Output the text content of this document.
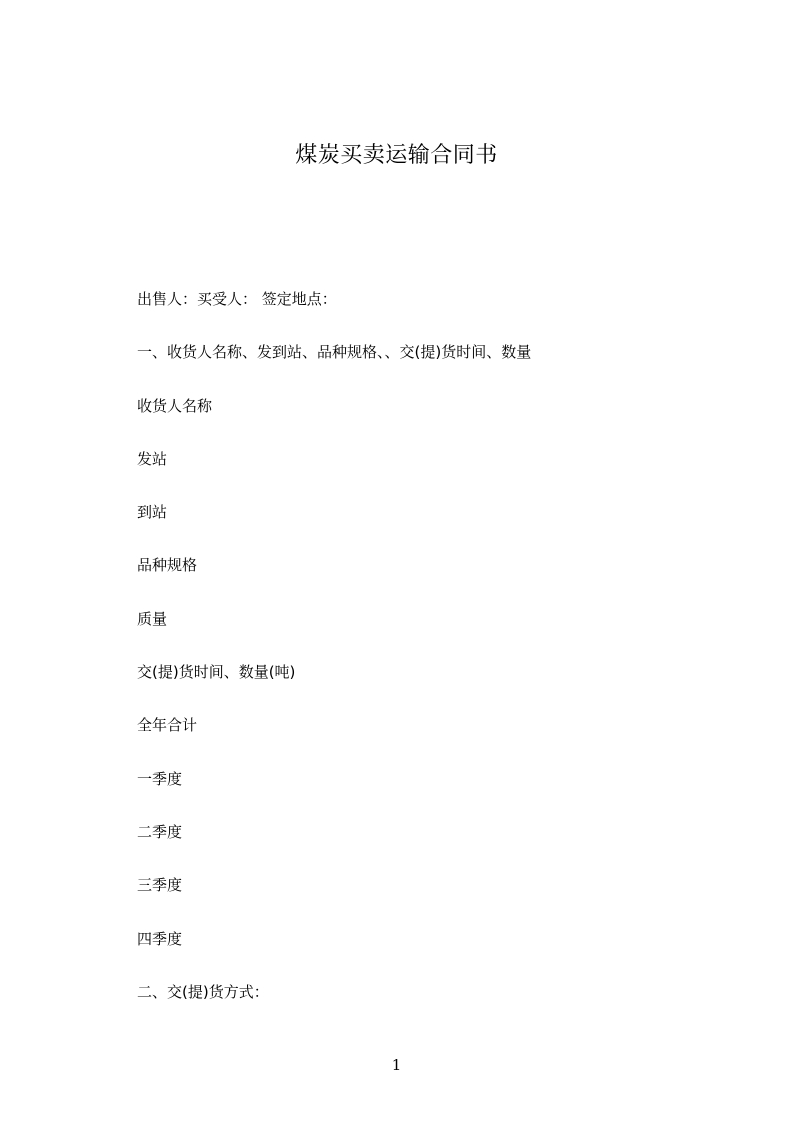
煤炭买卖运输合同书
出售人：买受人： 签定地点：
一、收货人名称、发到站、品种规格、、交(提)货时间、数量
收货人名称
发站
到站
品种规格
质量
交(提)货时间、数量(吨)
全年合计
一季度
二季度
三季度
四季度
二、交(提)货方式：
1
